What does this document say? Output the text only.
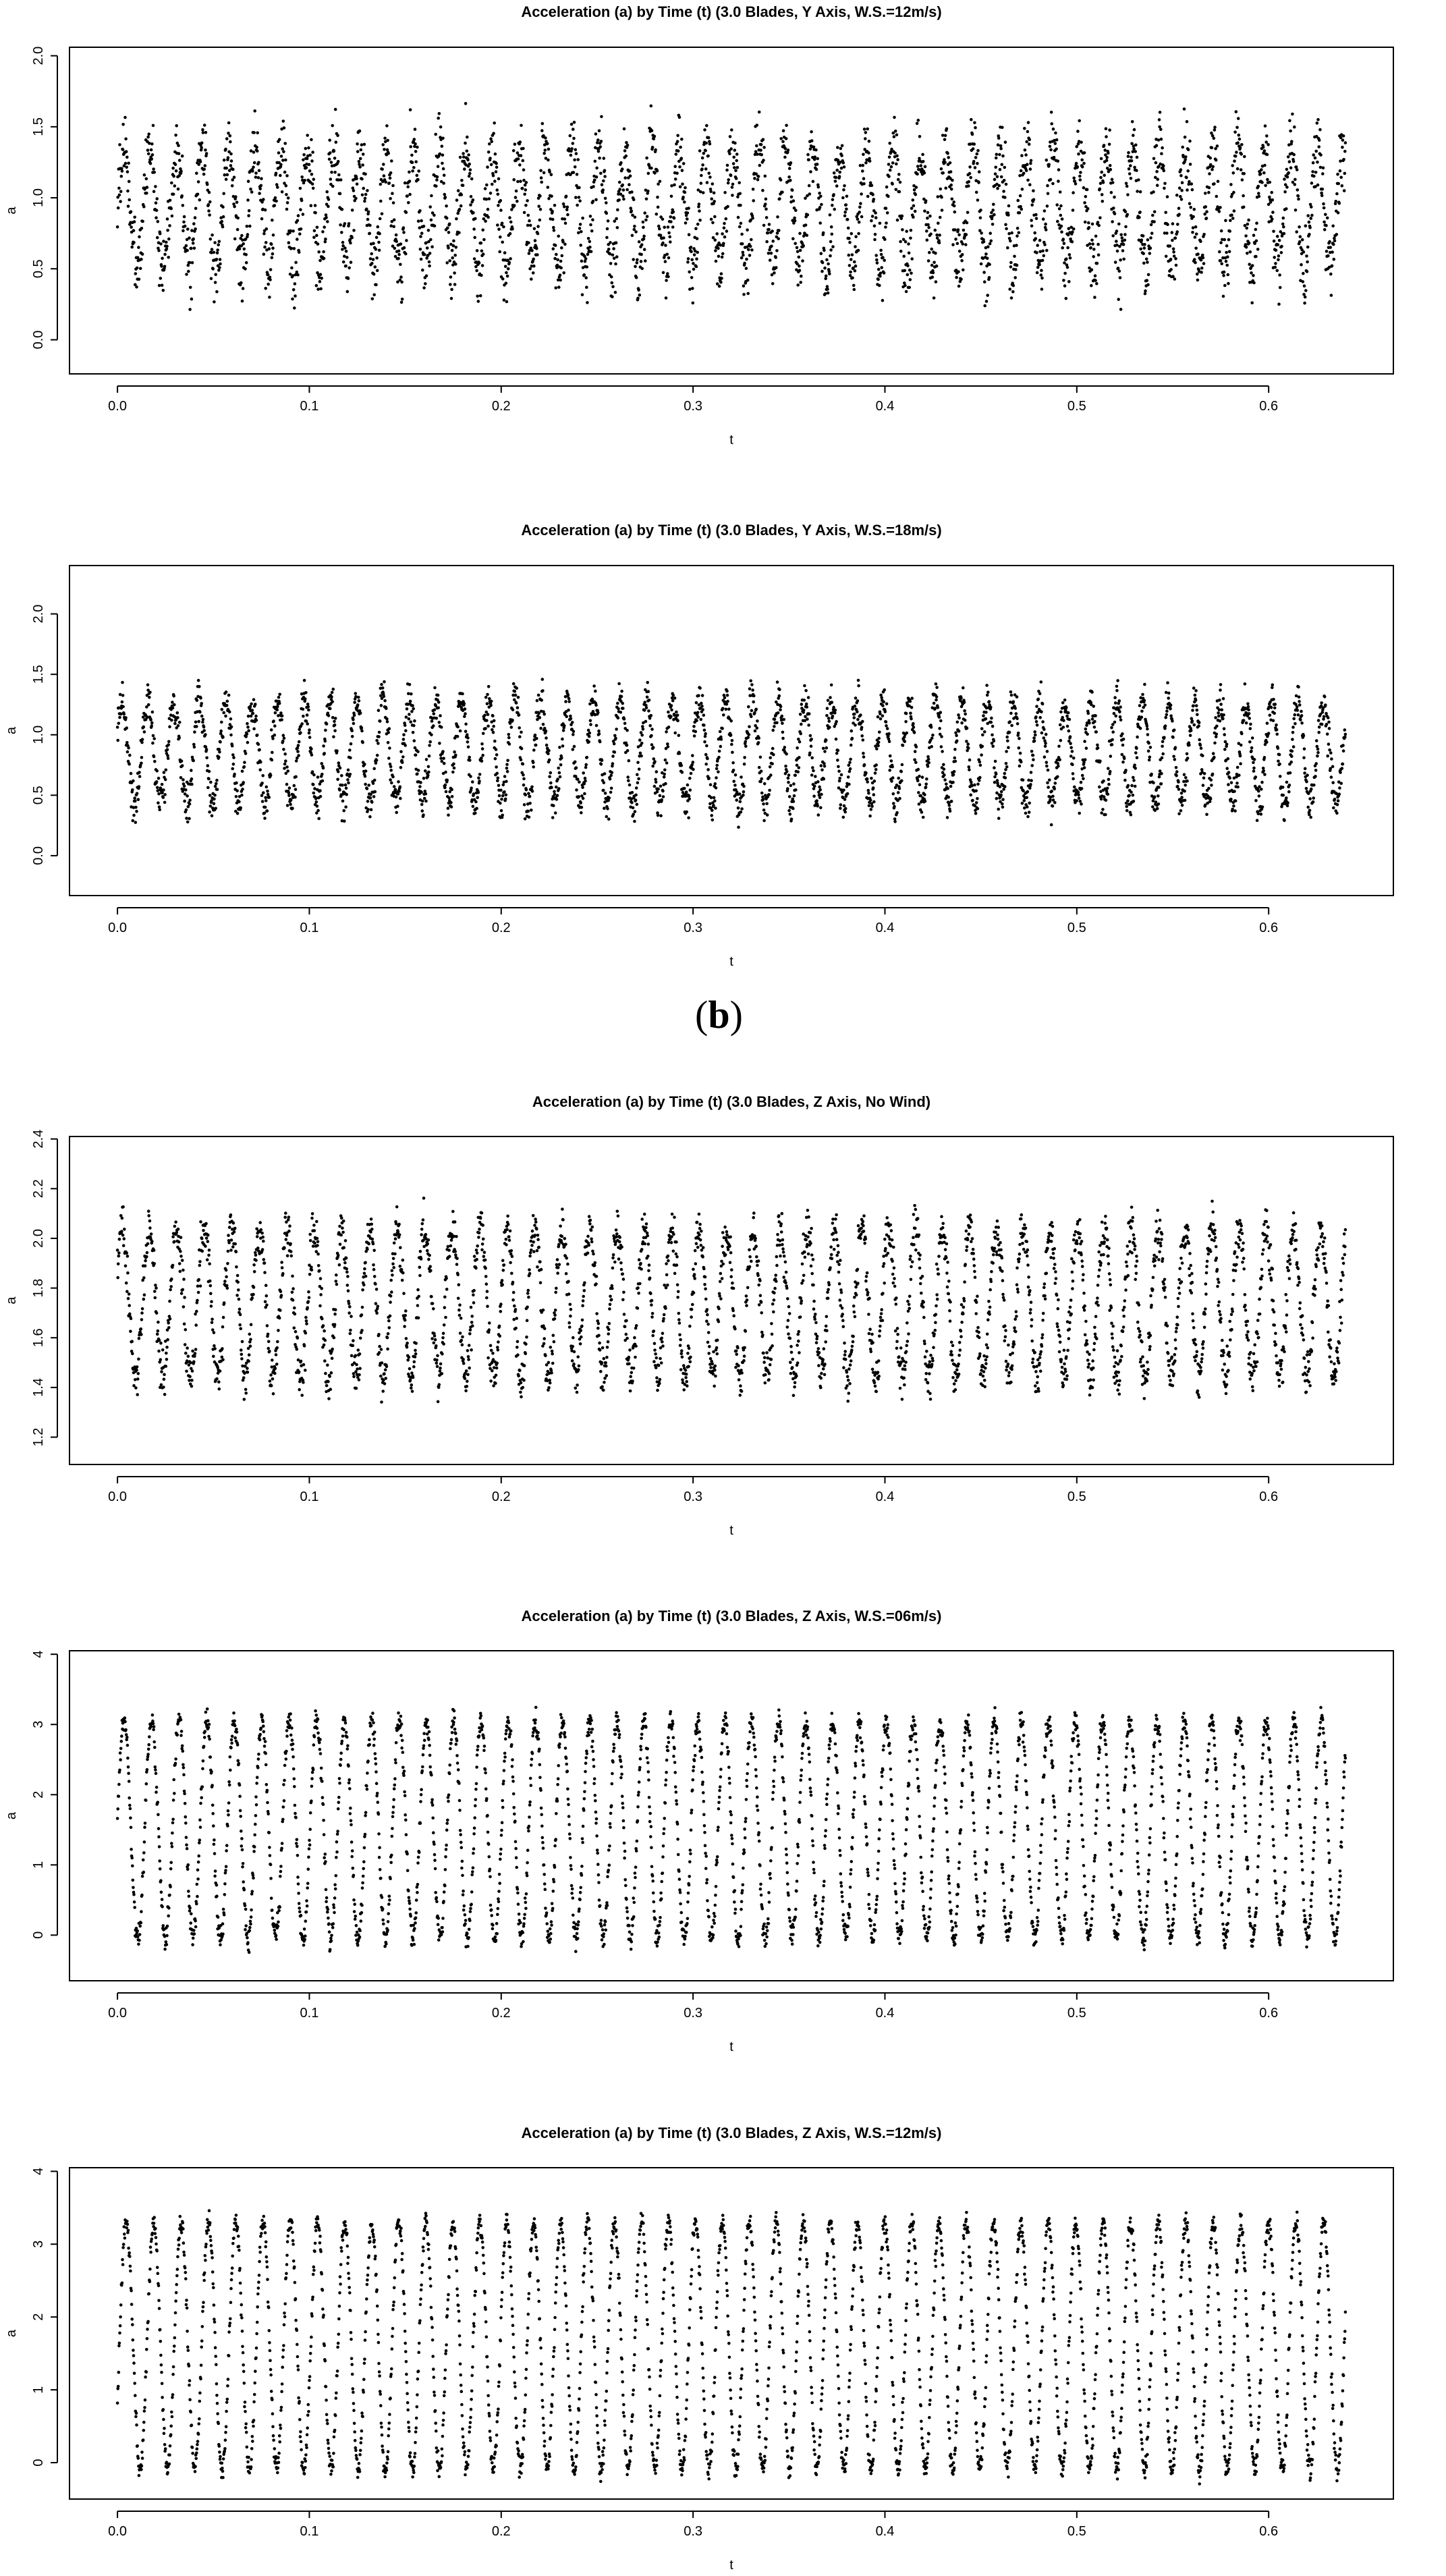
Acceleration (a) by Time (t) (3.0 Blades, Y Axis, W.S.=12m/s)
0.0	0.1	0.2	0.3	0.4	0.5	0.6
t
0.0
0.5
1.0
1.5
2.0
a
Acceleration (a) by Time (t) (3.0 Blades, Y Axis, W.S.=18m/s)
0.0	0.1	0.2	0.3	0.4	0.5	0.6
t
0.0
0.5
1.0
1.5
2.0
a
Acceleration (a) by Time (t) (3.0 Blades, Z Axis, No Wind)
0.0	0.1	0.2	0.3	0.4	0.5	0.6
t
1.2
1.4
1.6
1.8
2.0
2.2
2.4
a
Acceleration (a) by Time (t) (3.0 Blades, Z Axis, W.S.=06m/s)
0.0	0.1	0.2	0.3	0.4	0.5	0.6
t
0
1
2
3
4
a
Acceleration (a) by Time (t) (3.0 Blades, Z Axis, W.S.=12m/s)
0.0	0.1	0.2	0.3	0.4	0.5	0.6
t
0
1
2
3
4
a
(b)
